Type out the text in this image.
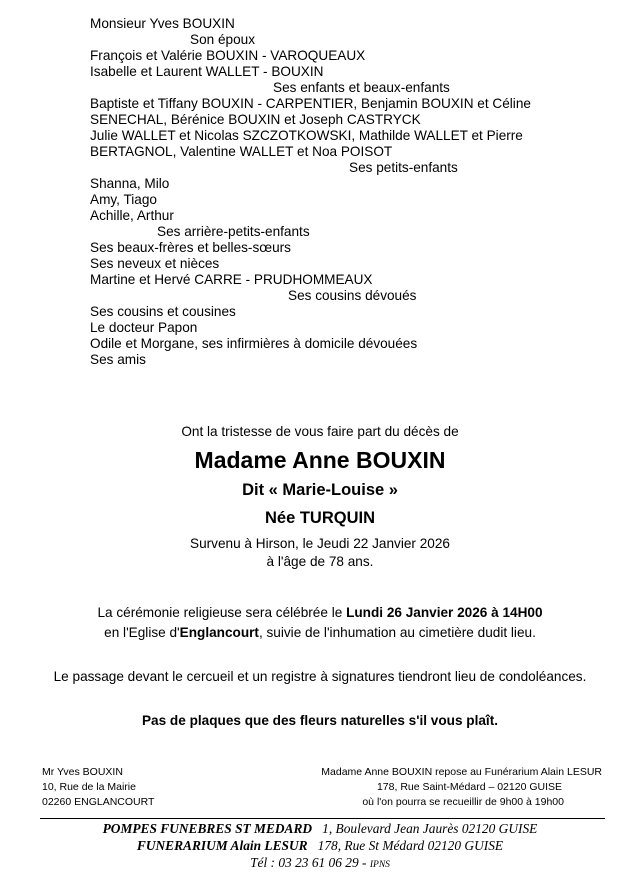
Monsieur Yves BOUXIN
Son époux
François et Valérie BOUXIN - VAROQUEAUX
Isabelle et Laurent WALLET - BOUXIN
Ses enfants et beaux-enfants
Baptiste et Tiffany BOUXIN - CARPENTIER, Benjamin BOUXIN et Céline
SENECHAL, Bérénice BOUXIN et Joseph CASTRYCK
Julie WALLET et Nicolas SZCZOTKOWSKI, Mathilde WALLET et Pierre
BERTAGNOL, Valentine WALLET et Noa POISOT
Ses petits-enfants
Shanna, Milo
Amy, Tiago
Achille, Arthur
Ses arrière-petits-enfants
Ses beaux-frères et belles-sœurs
Ses neveux et nièces
Martine et Hervé CARRE - PRUDHOMMEAUX
Ses cousins dévoués
Ses cousins et cousines
Le docteur Papon
Odile et Morgane, ses infirmières à domicile dévouées
Ses amis
Ont la tristesse de vous faire part du décès de
Madame Anne BOUXIN
Dit « Marie-Louise »
Née TURQUIN
Survenu à Hirson, le Jeudi 22 Janvier 2026
à l'âge de 78 ans.
La cérémonie religieuse sera célébrée le Lundi 26 Janvier 2026 à 14H00
en l'Eglise d'Englancourt, suivie de l'inhumation au cimetière dudit lieu.
Le passage devant le cercueil et un registre à signatures tiendront lieu de condoléances.
Pas de plaques que des fleurs naturelles s'il vous plaît.
Mr Yves BOUXIN
10, Rue de la Mairie
02260 ENGLANCOURT
Madame Anne BOUXIN repose au Funérarium Alain LESUR
178, Rue Saint-Médard – 02120 GUISE
où l'on pourra se recueillir de 9h00 à 19h00
POMPES FUNEBRES ST MEDARD 1, Boulevard Jean Jaurès 02120 GUISE
FUNERARIUM Alain LESUR 178, Rue St Médard 02120 GUISE
Tél : 03 23 61 06 29 - IPNS
